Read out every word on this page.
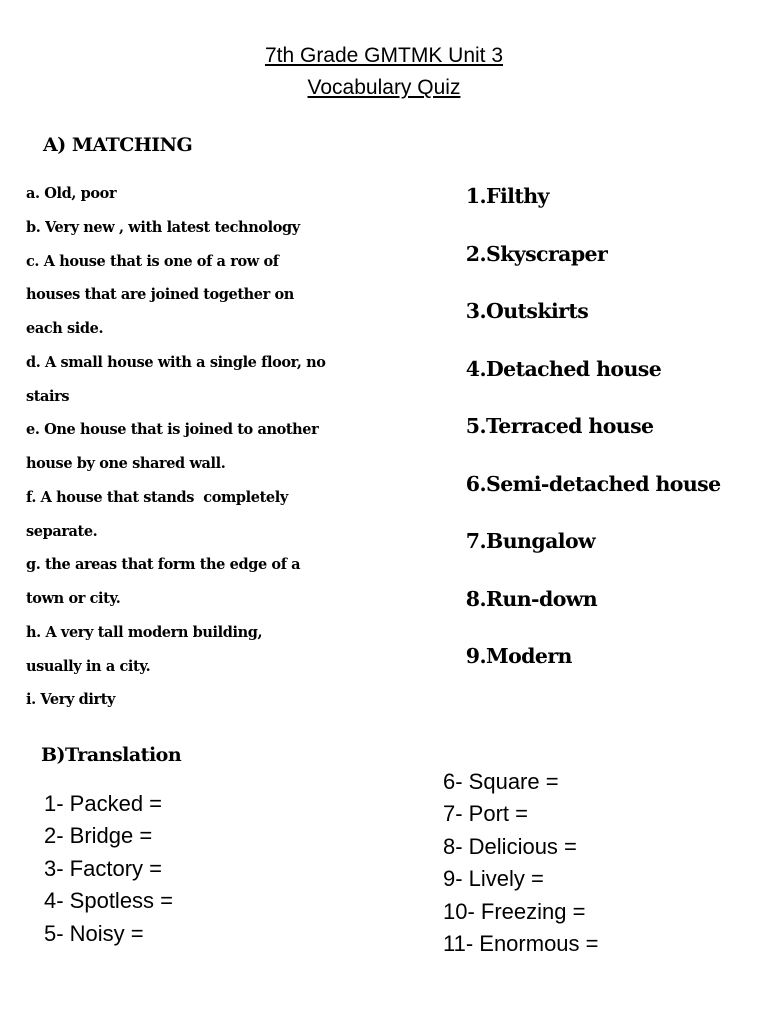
7th Grade GMTMK Unit 3
Vocabulary Quiz
A) MATCHING
a. Old, poor
b. Very new , with latest technology
c. A house that is one of a row of
houses that are joined together on
each side.
d. A small house with a single floor, no
stairs
e. One house that is joined to another
house by one shared wall.
f. A house that stands  completely
separate.
g. the areas that form the edge of a
town or city.
h. A very tall modern building,
usually in a city.
i. Very dirty
1. Filthy
2. Skyscraper
3. Outskirts
4. Detached house
5. Terraced house
6. Semi-detached house
7. Bungalow
8. Run-down
9. Modern
B)Translation
1- Packed =
2- Bridge =
3- Factory =
4- Spotless =
5- Noisy =
6- Square =
7- Port =
8- Delicious =
9- Lively =
10- Freezing =
11- Enormous =
